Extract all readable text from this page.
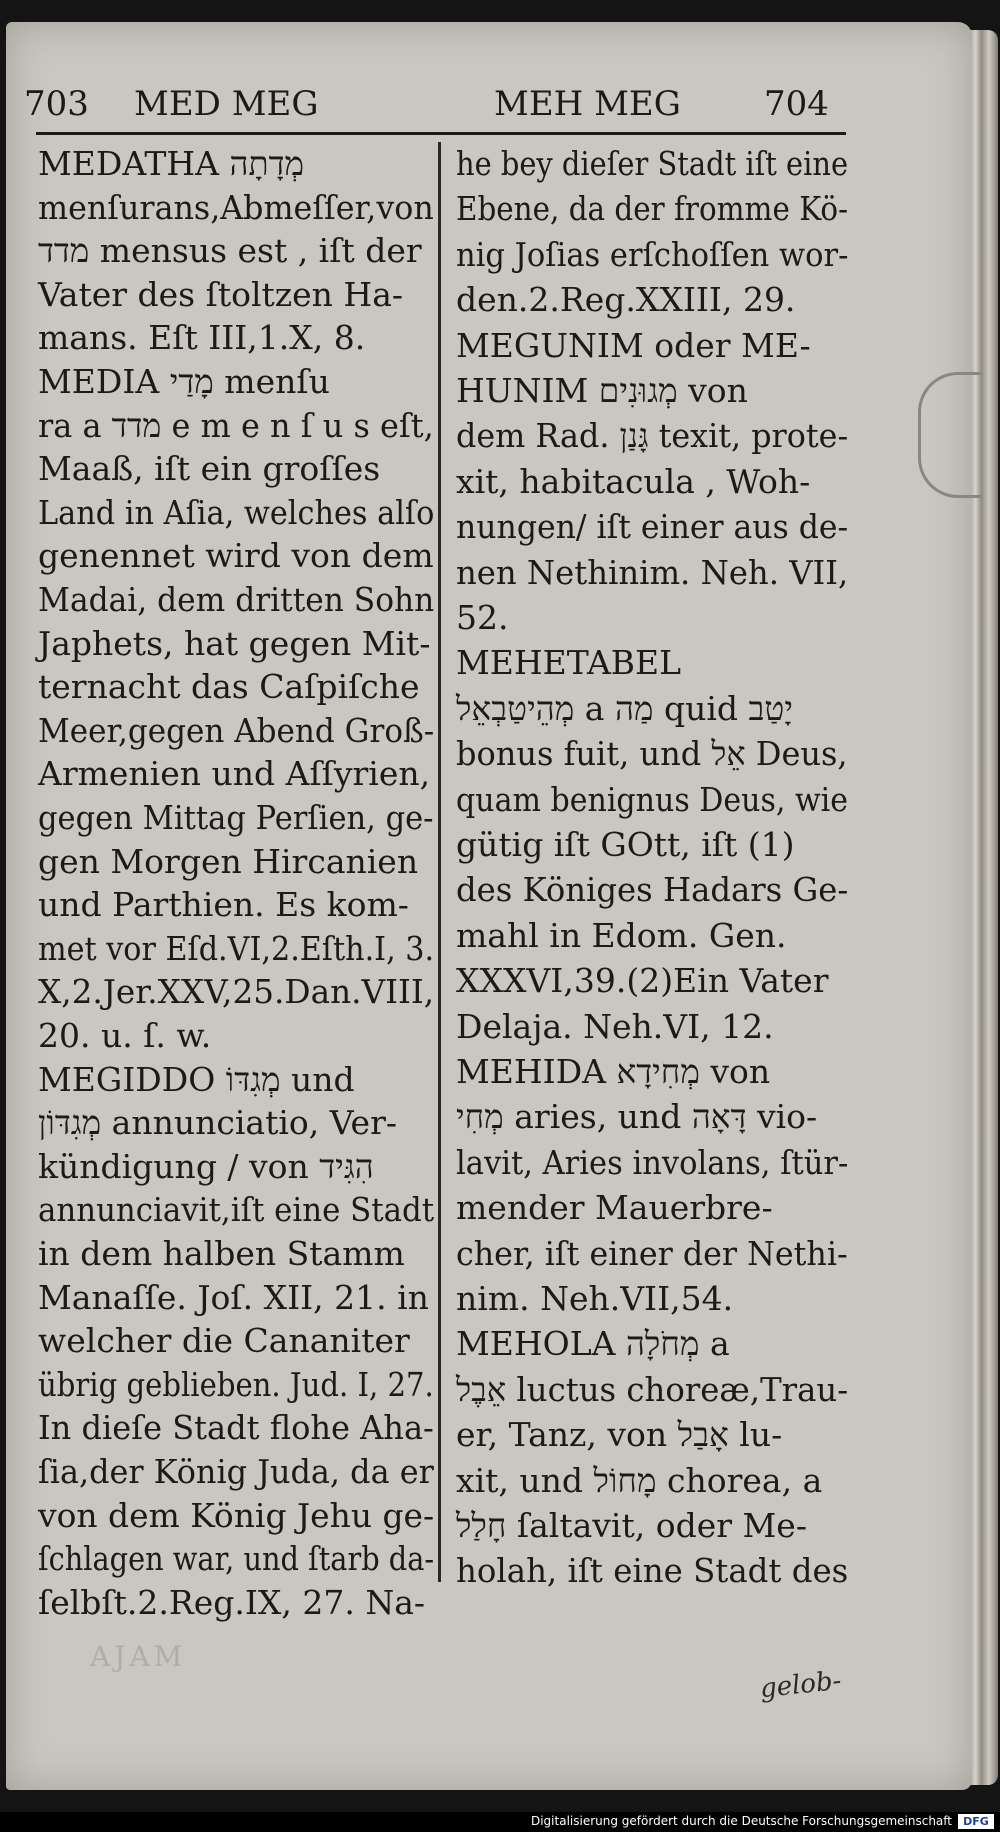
703 MED MEG	MEH MEG 704
MEDATHA מְדָתָה
menſurans,Abmeſſer,von
מדד mensus est , iſt der
Vater des ſtoltzen Ha-
mans. Eſt III,1.X, 8.
MEDIA מָדַי menſu
ra a מדד e m e n ſ u s eſt,
Maaß, iſt ein groſſes
Land in Aſia, welches alſo
genennet wird von dem
Madai, dem dritten Sohn
Japhets, hat gegen Mit-
ternacht das Caſpiſche
Meer,gegen Abend Groß-
Armenien und Aſſyrien,
gegen Mittag Perſien, ge-
gen Morgen Hircanien
und Parthien. Es kom-
met vor Eſd.VI,2.Eſth.I, 3.
X,2.Jer.XXV,25.Dan.VIII,
20. u. ſ. w.
MEGIDDO מְגִדּוֹ und
מְגִדּוֹן annunciatio, Ver-
kündigung / von הִגִּיד
annunciavit,iſt eine Stadt
in dem halben Stamm
Manaſſe. Joſ. XII, 21. in
welcher die Cananiter
übrig geblieben. Jud. I, 27.
In dieſe Stadt flohe Aha-
ſia,der König Juda, da er
von dem König Jehu ge-
ſchlagen war, und ſtarb da-
ſelbſt.2.Reg.IX, 27. Na-
he bey dieſer Stadt iſt eine
Ebene, da der fromme Kö-
nig Joſias erſchoſſen wor-
den.2.Reg.XXIII, 29.
MEGUNIM oder ME-
HUNIM מְגוּנִים von
dem Rad. גָּנַן texit, prote-
xit, habitacula , Woh-
nungen/ iſt einer aus de-
nen Nethinim. Neh. VII,
52.
MEHETABEL
מְהֵיטַבְאֵל a מַה quid יָטַב
bonus fuit, und אֵל Deus,
quam benignus Deus, wie
gütig iſt GOtt, iſt (1)
des Königes Hadars Ge-
mahl in Edom. Gen.
XXXVI,39.(2)Ein Vater
Delaja. Neh.VI, 12.
MEHIDA מְחִידָא von
מְחִי aries, und דָּאָה vio-
lavit, Aries involans, ſtür-
mender Mauerbre-
cher, iſt einer der Nethi-
nim. Neh.VII,54.
MEHOLA מְחֹלָה a
אֵבֶל luctus choreæ,Trau-
er, Tanz, von אָבַל lu-
xit, und מָחוֹל chorea, a
חָלַל ſaltavit, oder Me-
holah, iſt eine Stadt des
AJAM
gelob-
Digitalisierung gefördert durch die Deutsche Forschungsgemeinschaft	DFG
